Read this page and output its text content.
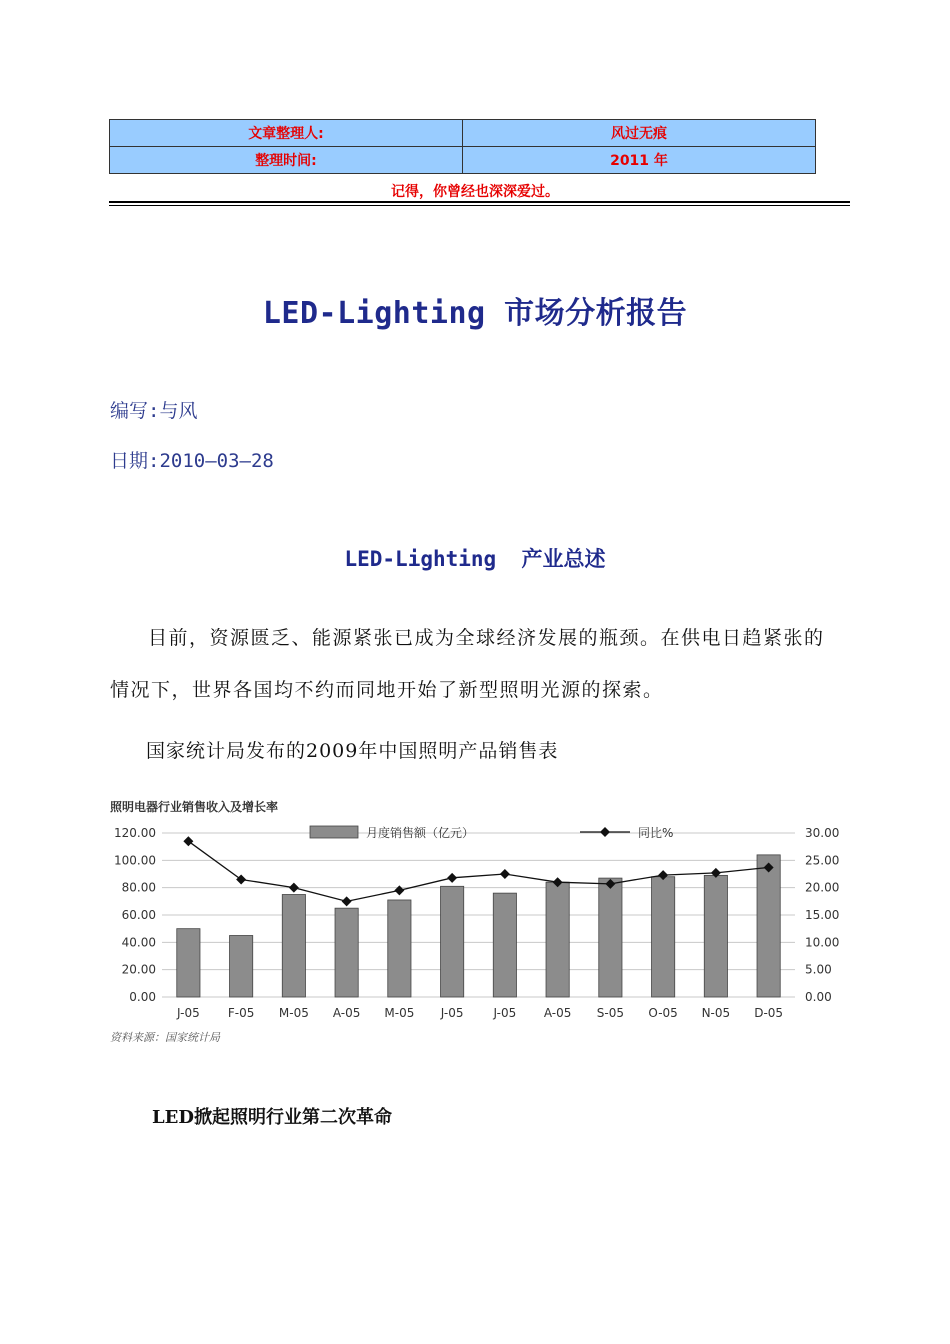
文章整理人:	风过无痕
整理时间:	2011 年
记得，你曾经也深深爱过。
LED-Lighting 市场分析报告
编写:与风
日期:2010—03—28
LED-Lighting  产业总述
目前，资源匮乏、能源紧张已成为全球经济发展的瓶颈。在供电日趋紧张的情况下，世界各国均不约而同地开始了新型照明光源的探索。
国家统计局发布的2009年中国照明产品销售表
照明电器行业销售收入及增长率
0.00
20.00
40.00
60.00
80.00
100.00
120.00
0.00
5.00
10.00
15.00
20.00
25.00
30.00
J-05 F-05 M-05 A-05 M-05 J-05	J-05 A-05 S-05 O-05 N-05 D-05
月度销售额（亿元）	同比%
资料来源：国家统计局
LED掀起照明行业第二次革命
